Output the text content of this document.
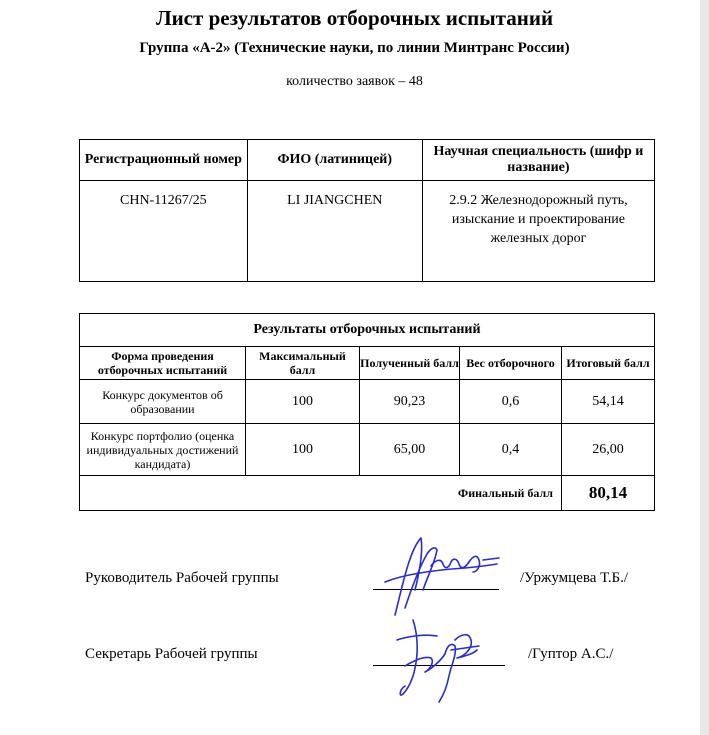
Лист результатов отборочных испытаний
Группа «А-2» (Технические науки, по линии Минтранс России)
количество заявок – 48
Регистрационный номер	ФИО (латиницей)	Научная специальность (шифр и название)
CHN-11267/25	LI JIANGCHEN	2.9.2 Железнодорожный путь, изыскание и проектирование железных дорог
Результаты отборочных испытаний				
Форма проведения отборочных испытаний	Максимальный балл	Полученный балл	Вес отборочного	Итоговый балл
Конкурс документов об образовании	100	90,23	0,6	54,14
Конкурс портфолио (оценка индивидуальных достижений кандидата)	100	65,00	0,4	26,00
Финальный балл				80,14
Руководитель Рабочей группы	/Уржумцева Т.Б./
Секретарь Рабочей группы	/Гуптор А.С./
